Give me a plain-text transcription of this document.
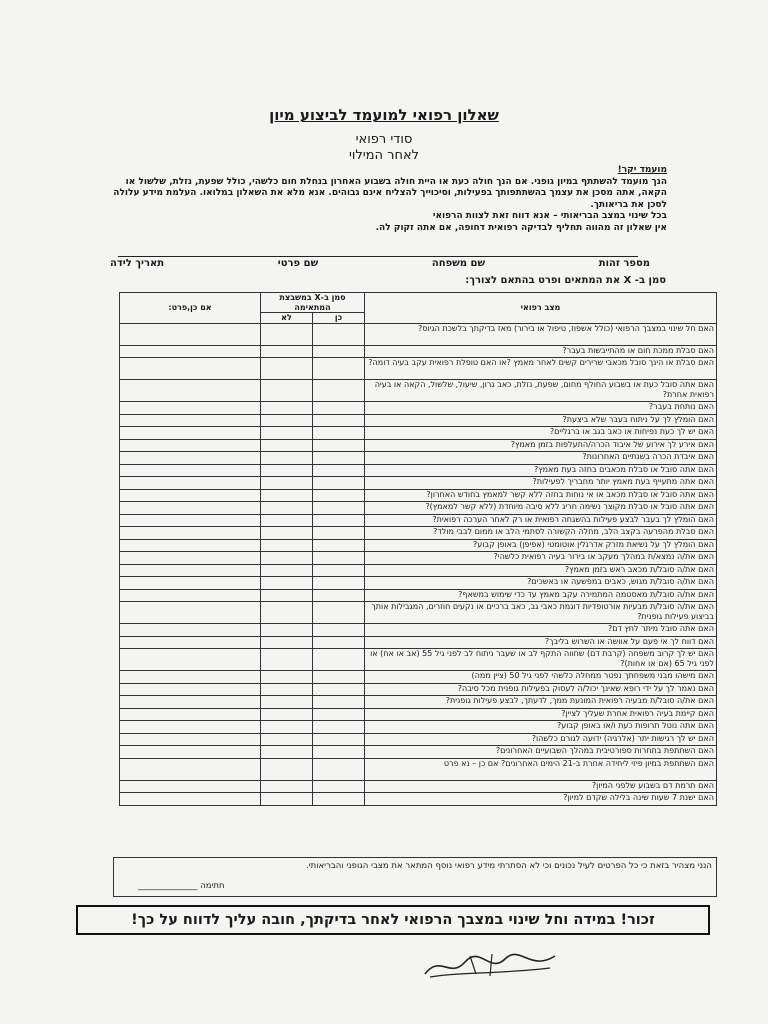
שאלון רפואי למועמד לביצוע מיון
סודי רפואי
לאחר המילוי
מועמד יקר!
הנך מועמד להשתתף במיון גופני. אם הנך חולה כעת או היית חולה בשבוע האחרון בנחלת חום כלשהי, כולל שפעת, נזלת, שלשול או הקאה, אתה מסכן את עצמך בהשתתפותך בפעילות, וסיכוייך להצליח אינם גבוהים. אנא מלא את השאלון במלואו. העלמת מידע עלולה לסכן את בריאותך.
בכל שינוי במצב הבריאותי – אנא דווח זאת לצוות הרפואי
אין שאלון זה מהווה תחליף לבדיקה רפואית דחופה, אם אתה זקוק לה.
מספר זהות
שם משפחה
שם פרטי
תאריך לידה
סמן ב- X את המתאים ופרט בהתאם לצורך:
מצב רפואי	סמן ב-X במשבצת המתאימה		אם כן,פרט:
	כן	לא	
האם חל שינוי במצבך הרפואי (כולל אשפוז, טיפול או בירור) מאז בדיקתך בלשכת הגיוס?			
האם סבלת ממכת חום או מהתייבשות בעבר?			
האם סבלת או הינך סובל מכאבי שרירים קשים לאחר מאמץ ?או האם טופלת רפואית עקב בעיה דומה?			
האם אתה סובל כעת או בשבוע החולף מחום, שפעת, נזלת, כאב גרון, שיעול, שלשול, הקאה או בעיה רפואית אחרת?			
האם נותחת בעבר?			
האם הומלץ לך על ניתוח בעבר שלא ביצעת?			
האם יש לך כעת נפיחות או כאב בגב או ברגליים?			
האם אירע לך אירוע של איבוד הכרה/התעלפות בזמן מאמץ?			
האם איבדת הכרה בשנתיים האחרונות?			
האם אתה סובל או סבלת מכאבים בחזה בעת מאמץ?			
האם אתה מתעייף בעת מאמץ יותר מחבריך לפעילות?			
האם אתה סובל או סבלת מכאב או אי נוחות בחזה ללא קשר למאמץ בחודש האחרון?			
האם אתה סובל או סבלת מקוצר נשימה חריג ללא סיבה מיוחדת (ללא קשר למאמץ)?			
האם הומלץ לך בעבר לבצע פעילות בהשגחה רפואית או רק לאחר הערכה רפואית?			
האם סבלת מהפרעה בקצב הלב, מחלה הקשורה לסתמי הלב או ממום לבבי מולד?			
האם הומלץ לך על נשיאת מזרק אדרנלין אוטומטי (אפיפן) באופן קבוע?			
האם את/ה נמצא/ת במהלך מעקב או בירור בעיה רפואית כלשהי?			
האם את/ה סובל/ת מכאב ראש בזמן מאמץ?			
האם את/ה סובל/ת מגוש, כאבים במפשעה או באשכים?			
האם את/ה סובל/ת מאסטמה המתמירה עקב מאמץ עד כדי שימוש במשאף?			
האם את/ה סובל/ת מבעיות אורטופדיות דוגמת כאבי גב, כאב ברכיים או נקעים חוזרים, המגבילות אותך בביצוע פעילות גופנית?			
האם אתה סובל מיתר לחץ דם?			
האם דווח לך אי פעם על אוושה או השרוש בליבך?			
האם יש לך קרוב משפחה (קרבת דם) שחווה התקף לב או שעבר ניתוח לב לפני גיל 55 (אב או אח) או לפני גיל 65 (אם או אחות)?			
האם מישהו מבני משפחתך נפטר ממחלה כלשהי לפני גיל 50 (ציין ממה)			
האם נאמר לך על ידי רופא שאינך יכול/ה לעסוק בפעילות גופנית מכל סיבה?			
האם את/ה סובל/ת מבעיה רפואית המונעת ממך, לדעתך, לבצע פעילות גופנית?			
האם קיימת בעיה רפואית אחרת שעליך לציין?			
האם אתה נוטל תרופות כעת ו/או באופן קבוע?			
האם יש לך רגישות יתר (אלרגיה) ידועה לגורם כלשהו?			
האם השתתפת בתחרות ספורטיבית במהלך השבועיים האחרונים?			
האם השתתפת במיון פיזי ליחידה אחרת ב-21 הימים האחרונים? אם כן – נא פרט			
האם תרמת דם בשבוע שלפני המיון?			
האם ישנת 7 שעות שינה בלילה שקדם למיון?			
הנני מצהיר בזאת כי כל הפרטים לעיל נכונים וכי לא הסתרתי מידע רפואי נוסף המתאר את מצבי הגופני והבריאותי.
חתימה ______________
זכור! במידה וחל שינוי במצבך הרפואי לאחר בדיקתך, חובה עליך לדווח על כך!
